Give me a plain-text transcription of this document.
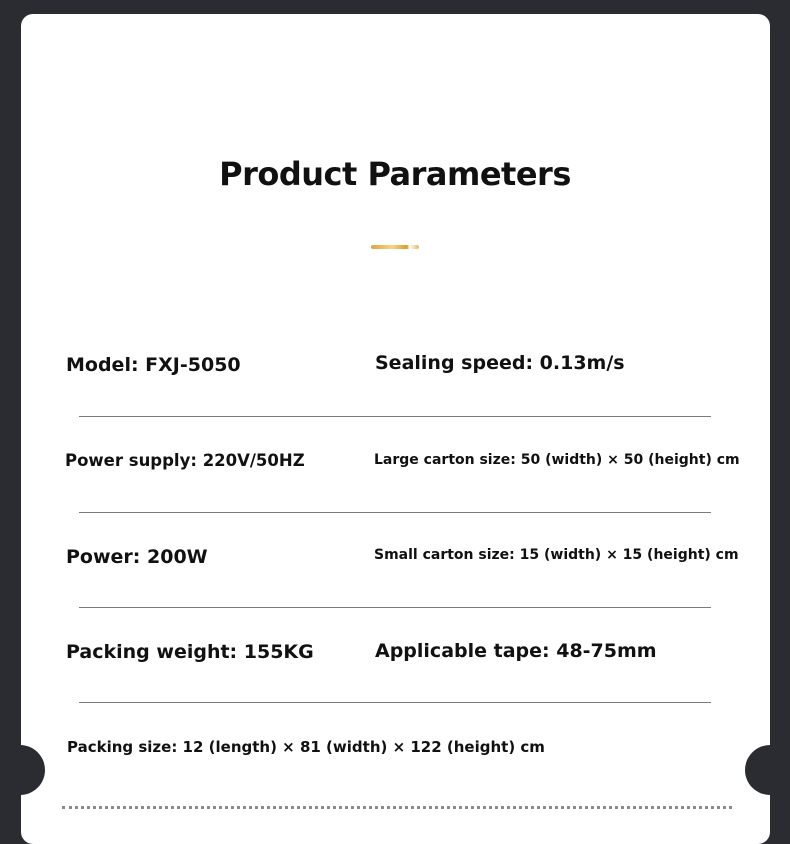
Product Parameters
Model: FXJ-5050	Sealing speed: 0.13m/s
Power supply: 220V/50HZ	Large carton size: 50 (width) × 50 (height) cm
Power: 200W	Small carton size: 15 (width) × 15 (height) cm
Packing weight: 155KG	Applicable tape: 48-75mm
Packing size: 12 (length) × 81 (width) × 122 (height) cm
